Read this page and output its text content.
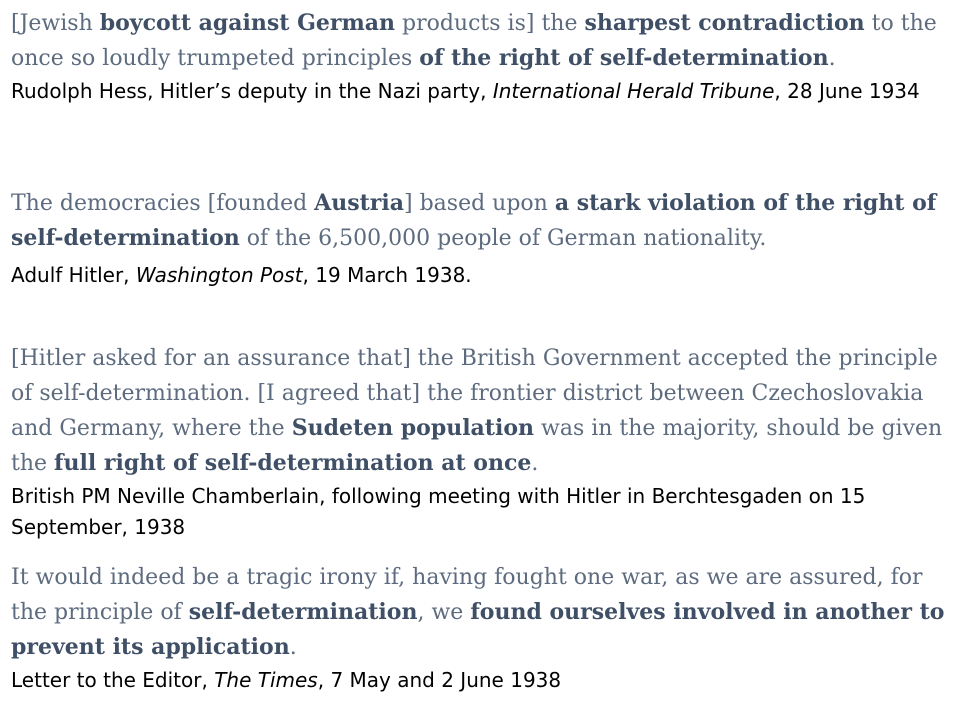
[Jewish boycott against German products is] the sharpest contradiction to the once so loudly trumpeted principles of the right of self-determination.

Rudolph Hess, Hitler’s deputy in the Nazi party, International Herald Tribune, 28 June 1934

The democracies [founded Austria] based upon a stark violation of the right of self-determination of the 6,500,000 people of German nationality.

Adulf Hitler, Washington Post, 19 March 1938.

[Hitler asked for an assurance that] the British Government accepted the principle of self-determination. [I agreed that] the frontier district between Czechoslovakia and Germany, where the Sudeten population was in the majority, should be given the full right of self-determination at once.

British PM Neville Chamberlain, following meeting with Hitler in Berchtesgaden on 15 September, 1938

It would indeed be a tragic irony if, having fought one war, as we are assured, for the principle of self-determination, we found ourselves involved in another to prevent its application.

Letter to the Editor, The Times, 7 May and 2 June 1938
